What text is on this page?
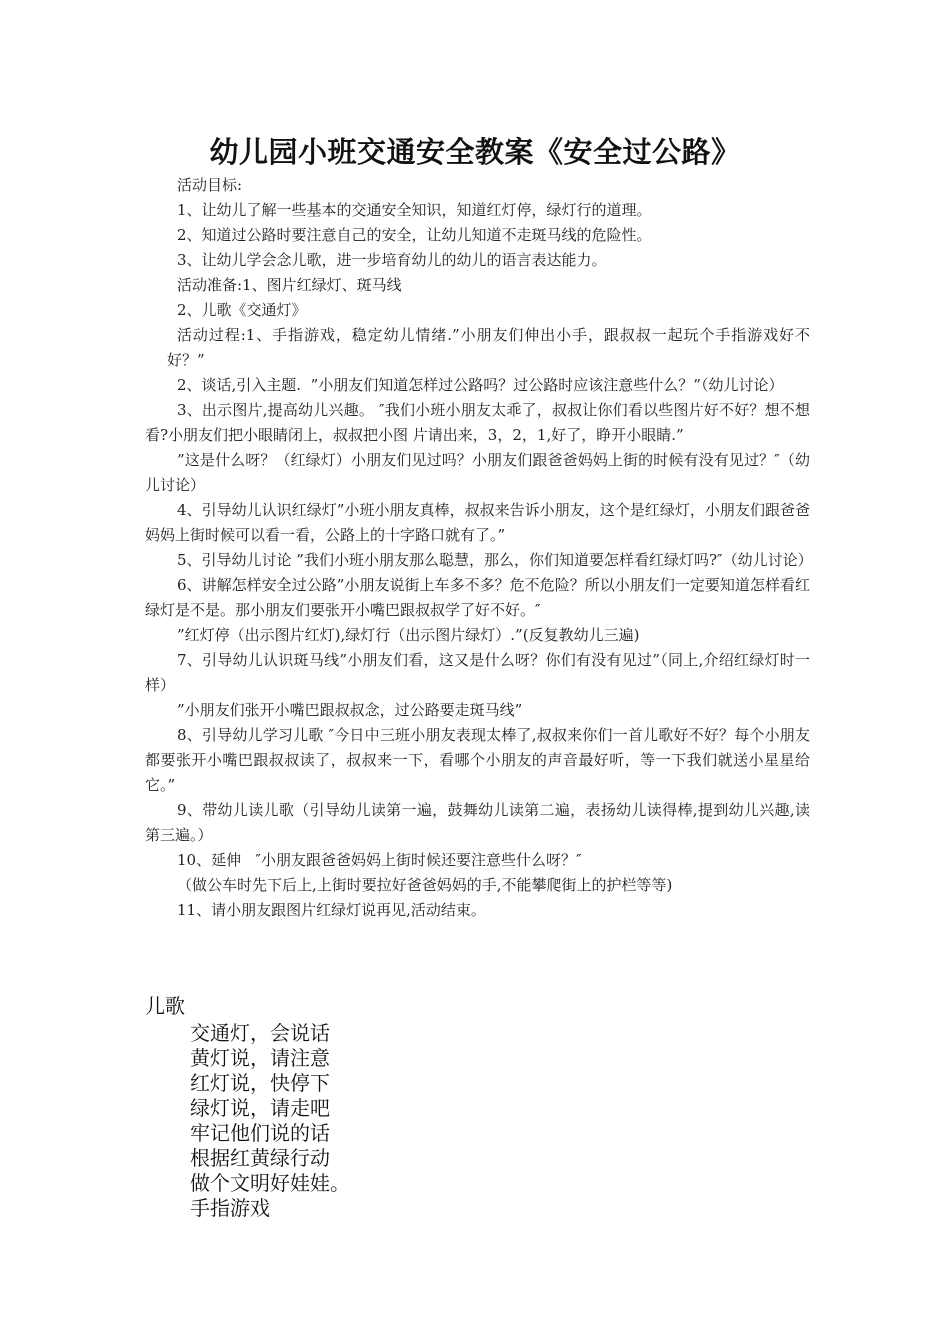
幼儿园小班交通安全教案《安全过公路》

活动目标:

1、让幼儿了解一些基本的交通安全知识，知道红灯停，绿灯行的道理。

2、知道过公路时要注意自己的安全，让幼儿知道不走斑马线的危险性。

3、让幼儿学会念儿歌，进一步培育幼儿的幼儿的语言表达能力。

活动准备:1、图片红绿灯、斑马线

2、儿歌《交通灯》

活动过程:1、手指游戏，稳定幼儿情绪.”小朋友们伸出小手，跟叔叔一起玩个手指游戏好不好？”

2、谈话,引入主题.  ”小朋友们知道怎样过公路吗？过公路时应该注意些什么？”（幼儿讨论）

3、出示图片,提高幼儿兴趣。 ″我们小班小朋友太乖了，叔叔让你们看以些图片好不好？想不想看?小朋友们把小眼睛闭上，叔叔把小图 片请出来，3，2，1,好了，睁开小眼睛.”

”这是什么呀？（红绿灯）小朋友们见过吗？小朋友们跟爸爸妈妈上街的时候有没有见过？″（幼儿讨论）

4、引导幼儿认识红绿灯”小班小朋友真棒，叔叔来告诉小朋友，这个是红绿灯，小朋友们跟爸爸妈妈上街时候可以看一看，公路上的十字路口就有了。”

5、引导幼儿讨论 ”我们小班小朋友那么聪慧，那么，你们知道要怎样看红绿灯吗?″（幼儿讨论）

6、讲解怎样安全过公路”小朋友说街上车多不多？危不危险？所以小朋友们一定要知道怎样看红绿灯是不是。那小朋友们要张开小嘴巴跟叔叔学了好不好。″

”红灯停（出示图片红灯),绿灯行（出示图片绿灯）.”(反复教幼儿三遍)

7、引导幼儿认识斑马线”小朋友们看，这又是什么呀？你们有没有见过”（同上,介绍红绿灯时一样）

”小朋友们张开小嘴巴跟叔叔念，过公路要走斑马线”

8、引导幼儿学习儿歌 ″今日中三班小朋友表现太棒了,叔叔来你们一首儿歌好不好？每个小朋友都要张开小嘴巴跟叔叔读了，叔叔来一下，看哪个小朋友的声音最好听，等一下我们就送小星星给它。”

9、带幼儿读儿歌（引导幼儿读第一遍，鼓舞幼儿读第二遍，表扬幼儿读得棒,提到幼儿兴趣,读第三遍。）

10、延伸   ″小朋友跟爸爸妈妈上街时候还要注意些什么呀？″

（做公车时先下后上,上街时要拉好爸爸妈妈的手,不能攀爬街上的护栏等等)

11、请小朋友跟图片红绿灯说再见,活动结束。

儿歌

交通灯，会说话

黄灯说，请注意

红灯说，快停下

绿灯说，请走吧

牢记他们说的话

根据红黄绿行动

做个文明好娃娃。

手指游戏
